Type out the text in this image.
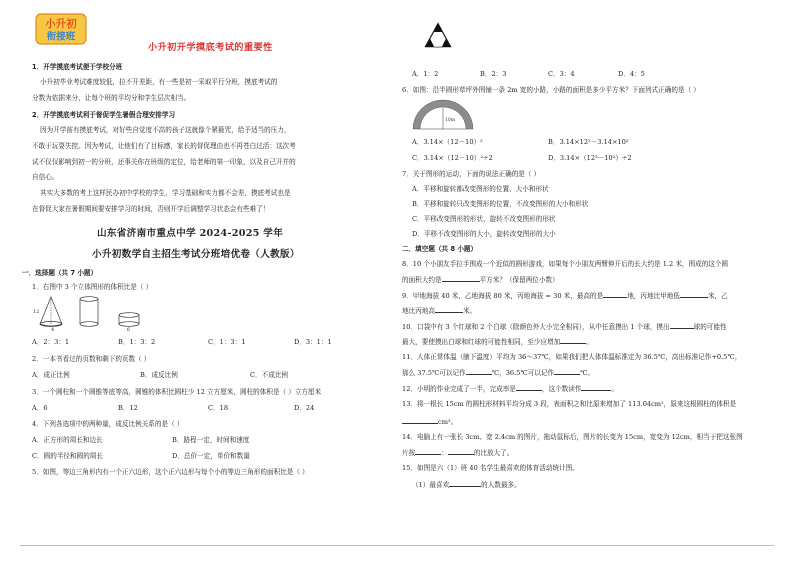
小升初
衔接班
小升初开学摸底考试的重要性
1．开学摸底考试便于学校分班
小升初毕业考试难度较低，拉不开差距，有一些是初一采取平行分班，摸底考试的
分数为依据来分，让每个班的平均分和学生层次相当。
2．开学摸底考试利于督促学生暑假合理安排学习
因为开学前有摸底考试，对好些自觉度不高的孩子这就像个紧箍咒，给予适当的压力，
不敢于玩耍失控。因为考试，让他们有了目标感，家长的督促理由也不再苍白过活：这次考
试不仅仅影响到初一的分班，还事关你在班级的定位，给老师的第一印象，以及自己开并的
自信心。
其实大多数的考上这样民办初中学校的学生，学习基础和实力都不会差，摸底考试也是
在督促大家在暑假期间要安排学习的时间，否则开学后调整学习状态会有些难了！
山东省济南市重点中学 2024-2025 学年
小升初数学自主招生考试分班培优卷（人教版）
一．选择题（共 7 小题）
1．右图中 3 个立体图形的体积比是（ ）
12
4	6
A．2：3：1	B．1：3：2	C．1：3：1	D．3：1：1
2．一本书看过的页数和剩下的页数（ ）
A．成正比例	B．成反比例	C．不成比例
3．一个圆柱和一个圆锥等底等高，圆锥的体积比圆柱少 12 立方厘米，圆柱的体积是（ ）立方厘米
A．6	B．12	C．18	D．24
4．下列各选项中的两种量，成反比例关系的是（ ）
A．正方形的周长和边长	B．路程一定，时间和速度
C．圆的半径和圆的周长	D．总价一定，单价和数量
5．如图，等边三角形内有一个正六边形，这个正六边形与每个小的等边三角形的面积比是（ ）
A．1：2	B．2：3	C．3：4	D．4：5
6．如图：沿半圆形草坪外围铺一条 2m 宽的小路，小路的面积是多少平方米？下面列式正确的是（ ）
10m
A．3.14×（12－10）²	B．3.14×12²－3.14×10²
C．3.14×（12－10）²÷2	D．3.14×（12²－10²）÷2
7．关于图形的运动，下面的说法正确的是（ ）
A．平移和旋转都改变图形的位置、大小和形状
B．平移和旋转只改变图形的位置，不改变图形的大小和形状
C．平移改变图形的形状，旋转不改变图形的形状
D．平移不改变图形的大小，旋转改变图形的大小
二．填空题（共 8 小题）
8．10 个小朋友手拉手围成一个近似的圆形游戏，如果每个小朋友两臂伸开后的长大约是 1.2 米，围成的这个圆
的面积大约是	平方米？（保留两位小数）
9．甲地海拔 40 米，乙地海拔 80 米，丙地海拔 = 30 米，最高的是	地，丙地比甲地低	米，乙
地比丙地高	米。
10．口袋中有 3 个红球和 2 个白球（除颜色外大小完全相同），从中任意摸出 1 个球，摸出	球的可能性
最大，要使摸出白球和红球的可能性相同，至少应增加	。
11．人体正常体温（腋下温度）平均为 36～37℃，如果我们把人体体温标准定为 36.5℃，高出标准记作+0.5℃，
那么 37.5℃可以记作	℃，36.5℃可以记作	℃。
12．小明的作业完成了一半，完成率是	，这个数读作	。
13．将一根长 15cm 的圆柱形材料平均分成 3 段，表面积之和比原来增加了 113.04cm²，原来这根圆柱的体积是
cm³。
14．电脑上有一张长 3cm、宽 2.4cm 的图片，拖动鼠标后，图片的长变为 15cm，宽变为 12cm，相当于把这张图
片按	：	的比放大了。
15．如图是六（1）班 40 名学生最喜欢的体育活动统计图。
（1）最喜欢	的人数最多。
